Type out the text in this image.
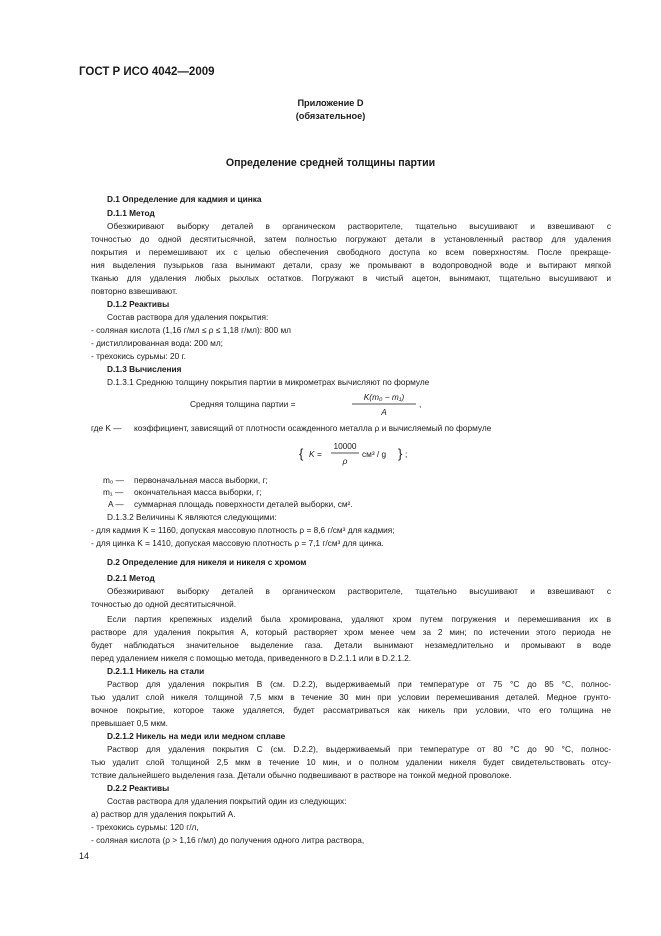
ГОСТ Р ИСО 4042—2009
Приложение D
(обязательное)
Определение средней толщины партии
D.1 Определение для кадмия и цинка
D.1.1 Метод
Обезжиривают выборку деталей в органическом растворителе, тщательно высушивают и взвешивают с
точностью до одной десятитысячной, затем полностью погружают детали в установленный раствор для удаления
покрытия и перемешивают их с целью обеспечения свободного доступа ко всем поверхностям. После прекраще-
ния выделения пузырьков газа вынимают детали, сразу же промывают в водопроводной воде и вытирают мягкой
тканью для удаления любых рыхлых остатков. Погружают в чистый ацетон, вынимают, тщательно высушивают и
повторно взвешивают.
D.1.2 Реактивы
Состав раствора для удаления покрытия:
- соляная кислота (1,16 г/мл ≤ ρ ≤ 1,18 г/мл): 800 мл
- дистиллированная вода: 200 мл;
- трехокись сурьмы: 20 г.
D.1.3 Вычисления
D.1.3.1 Среднюю толщину покрытия партии в микрометрах вычисляют по формуле
Средняя толщина партии =
K(m₀ − m₁)
A
,
где K — коэффициент, зависящий от плотности осажденного металла ρ и вычисляемый по формуле
{ K =
10000
ρ
см³ / g } ;
m₀ — первоначальная масса выборки, г;
m₁ — окончательная масса выборки, г;
A — суммарная площадь поверхности деталей выборки, см².
D.1.3.2 Величины K являются следующими:
- для кадмия K = 1160, допуская массовую плотность ρ = 8,6 г/см³ для кадмия;
- для цинка K = 1410, допуская массовую плотность ρ = 7,1 г/см³ для цинка.
D.2 Определение для никеля и никеля с хромом
D.2.1 Метод
Обезжиривают выборку деталей в органическом растворителе, тщательно высушивают и взвешивают с
точностью до одной десятитысячной.
Если партия крепежных изделий была хромирована, удаляют хром путем погружения и перемешивания их в
растворе для удаления покрытия А, который растворяет хром менее чем за 2 мин; по истечении этого периода не
будет наблюдаться значительное выделение газа. Детали вынимают незамедлительно и промывают в воде
перед удалением никеля с помощью метода, приведенного в D.2.1.1 или в D.2.1.2.
D.2.1.1 Никель на стали
Раствор для удаления покрытия В (см. D.2.2), выдерживаемый при температуре от 75 °С до 85 °С, полнос-
тью удалит слой никеля толщиной 7,5 мкм в течение 30 мин при условии перемешивания деталей. Медное грунто-
вочное покрытие, которое также удаляется, будет рассматриваться как никель при условии, что его толщина не
превышает 0,5 мкм.
D.2.1.2 Никель на меди или медном сплаве
Раствор для удаления покрытия С (см. D.2.2), выдерживаемый при температуре от 80 °С до 90 °С, полнос-
тью удалит слой толщиной 2,5 мкм в течение 10 мин, и о полном удалении никеля будет свидетельствовать отсу-
тствие дальнейшего выделения газа. Детали обычно подвешивают в растворе на тонкой медной проволоке.
D.2.2 Реактивы
Состав раствора для удаления покрытий один из следующих:
а) раствор для удаления покрытий А.
- трехокись сурьмы: 120 г/л,
- соляная кислота (ρ > 1,16 г/мл) до получения одного литра раствора,
14
